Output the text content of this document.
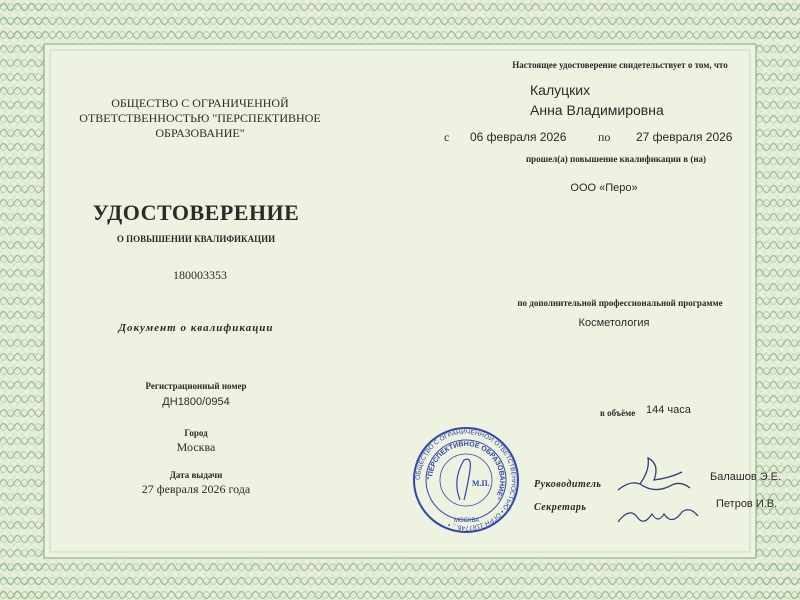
ОБЩЕСТВО С ОГРАНИЧЕННОЙ
ОТВЕТСТВЕННОСТЬЮ "ПЕРСПЕКТИВНОЕ
ОБРАЗОВАНИЕ"
УДОСТОВЕРЕНИЕ
О ПОВЫШЕНИИ КВАЛИФИКАЦИИ
180003353
Документ о квалификации
Регистрационный номер
ДН1800/0954
Город
Москва
Дата выдачи
27 февраля 2026 года
Настоящее удостоверение свидетельствует о том, что
Калуцких
Анна Владимировна
с 06 февраля 2026	по 27 февраля 2026
прошел(а) повышение квалификации в (на)
ООО «Перо»
по дополнительной профессиональной программе
Косметология
в объёме 144 часа
Руководитель
Балашов Э.Е.
Секретарь	Петров И.В.
ОБЩЕСТВО С ОГРАНИЧЕННОЙ ОТВЕТСТВЕННОСТЬЮ • ОГРН 1187746... •
"ПЕРСПЕКТИВНОЕ ОБРАЗОВАНИЕ"
М.П.
МОСКВА
